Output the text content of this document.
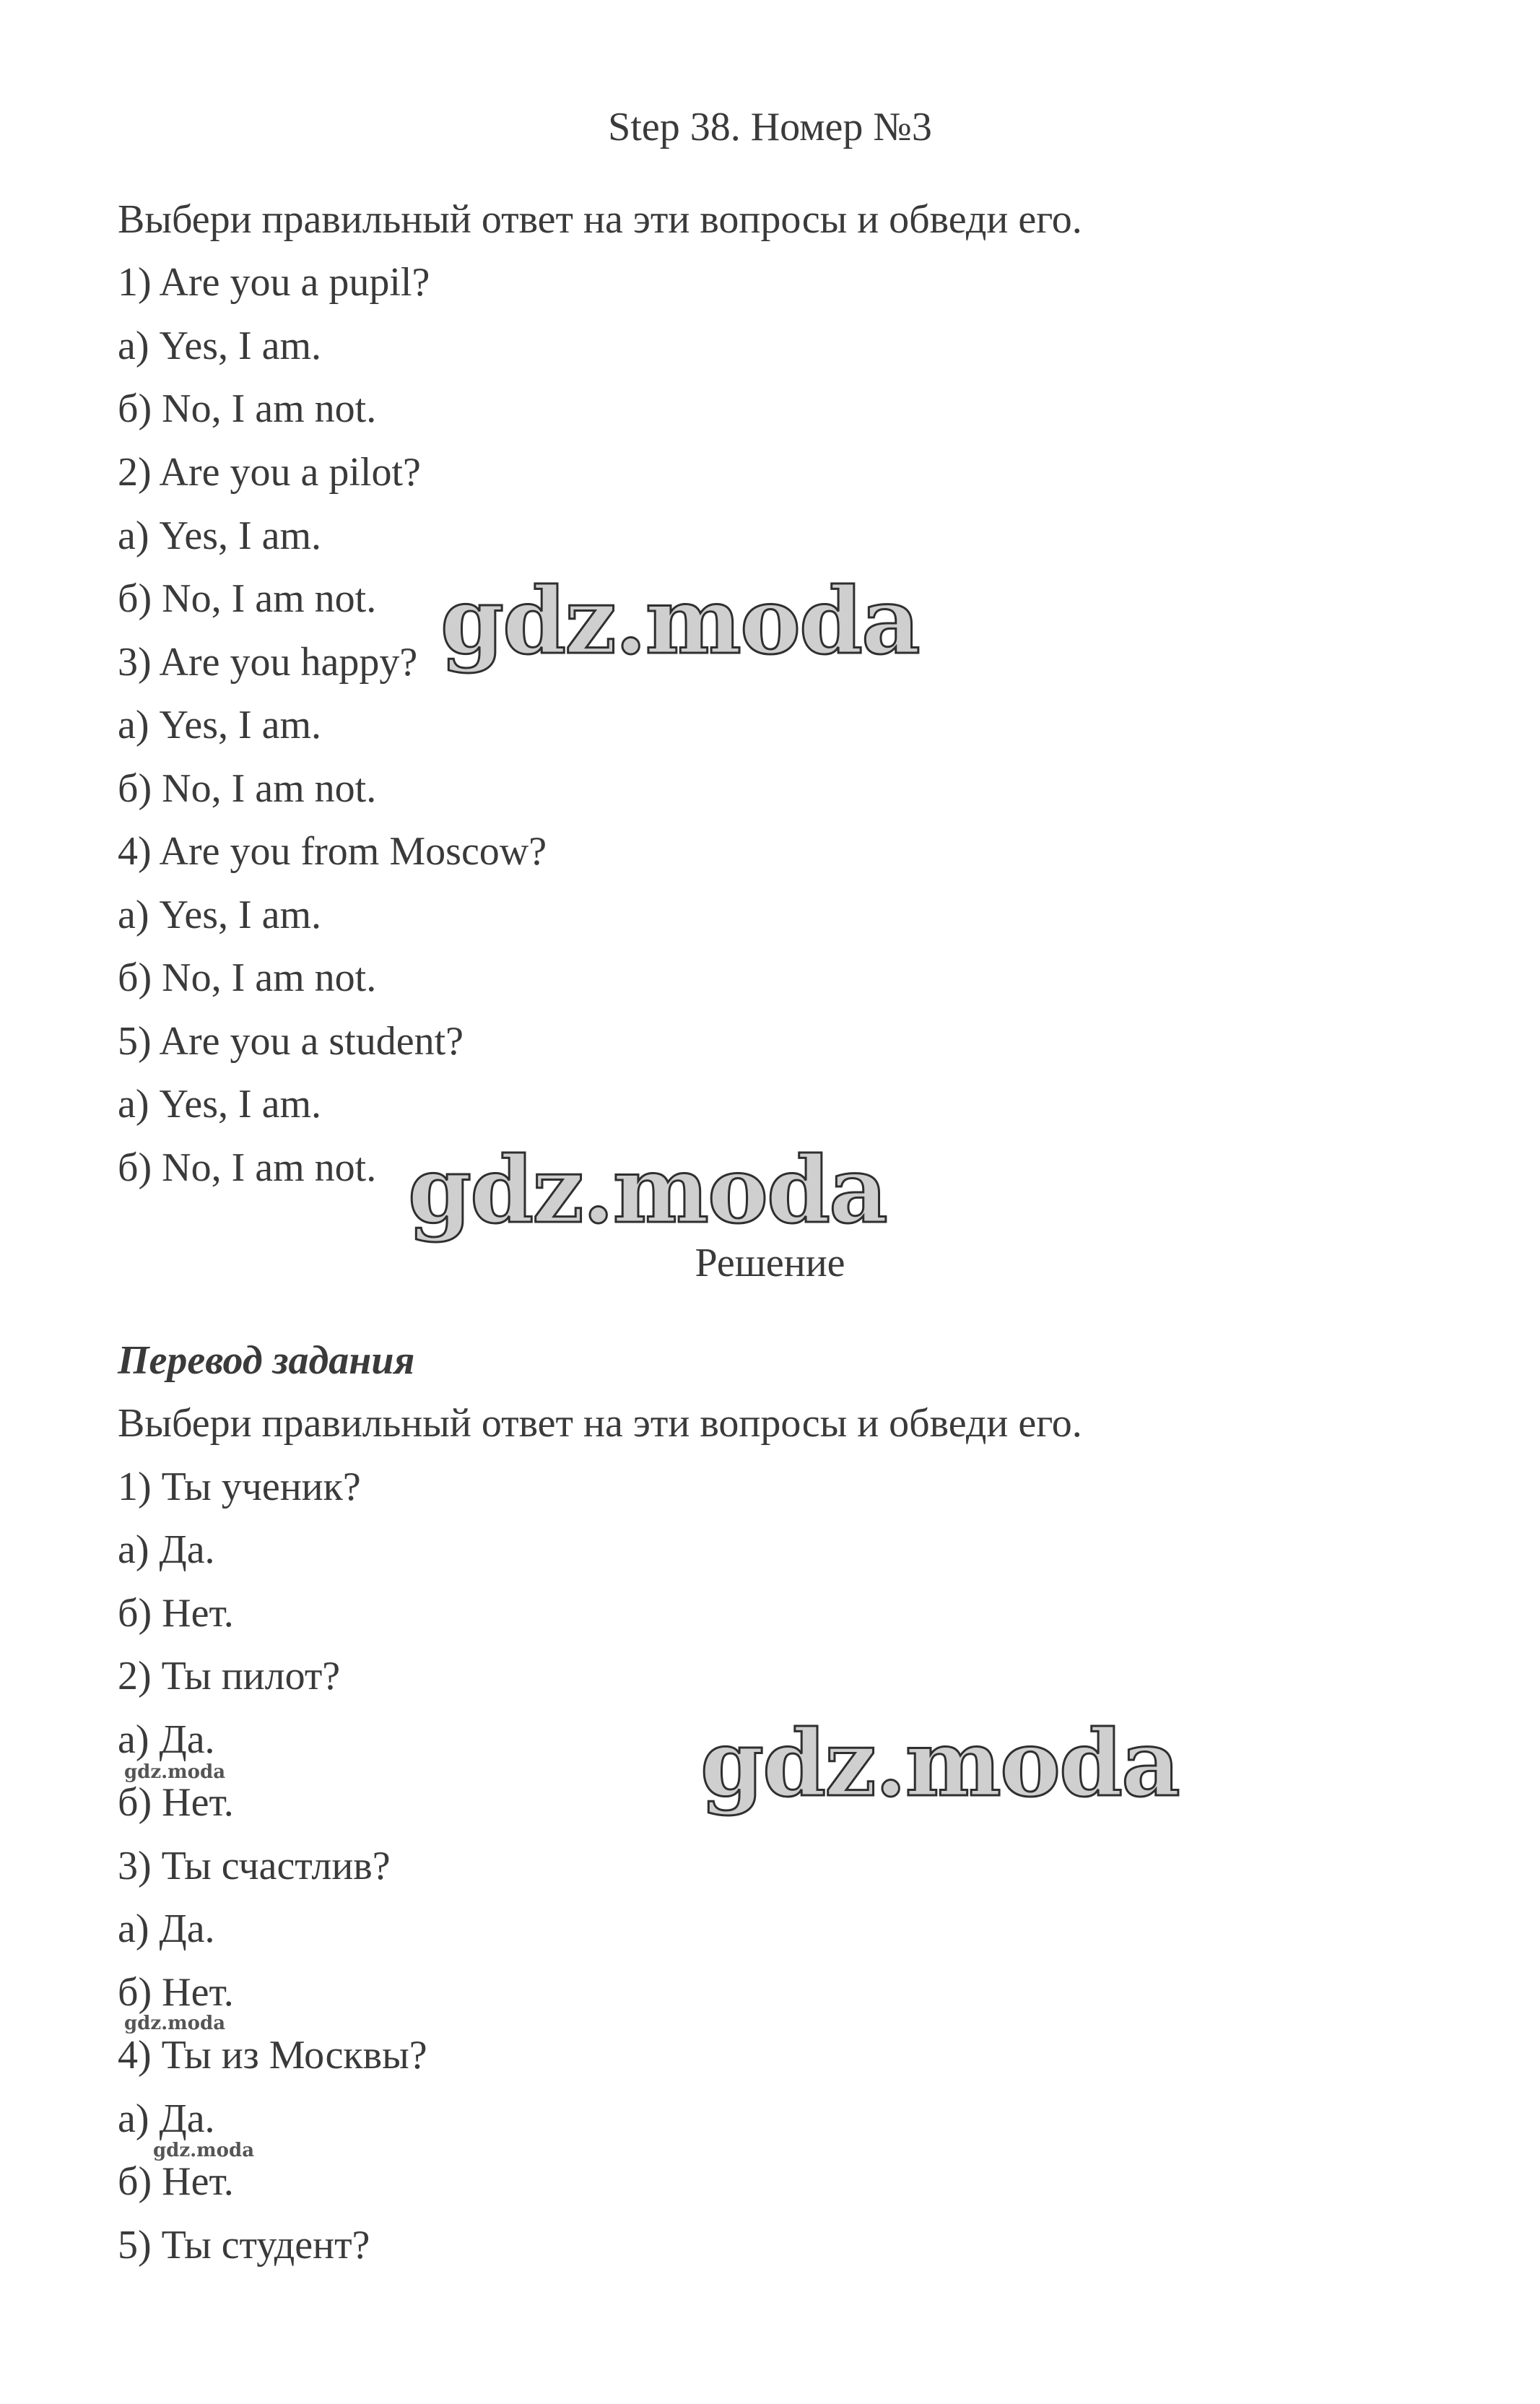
Step 38. Номер №3
Выбери правильный ответ на эти вопросы и обведи его.
1) Are you a pupil?
а) Yes, I am.
б) No, I am not.
2) Are you a pilot?
а) Yes, I am.
б) No, I am not.
3) Are you happy?
а) Yes, I am.
б) No, I am not.
4) Are you from Moscow?
а) Yes, I am.
б) No, I am not.
5) Are you a student?
а) Yes, I am.
б) No, I am not.
Решение
Перевод задания
Выбери правильный ответ на эти вопросы и обведи его.
1) Ты ученик?
а) Да.
б) Нет.
2) Ты пилот?
а) Да.
б) Нет.
3) Ты счастлив?
а) Да.
б) Нет.
4) Ты из Москвы?
а) Да.
б) Нет.
5) Ты студент?
gdz.moda
gdz.moda
gdz.moda
gdz.moda
gdz.moda
gdz.moda
